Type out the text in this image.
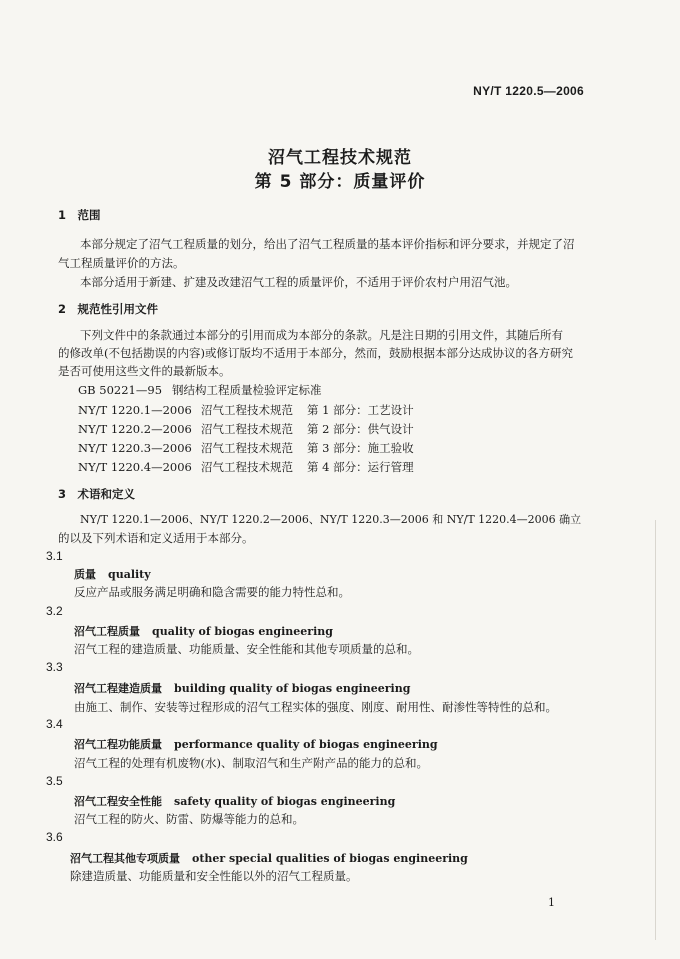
NY/T 1220.5—2006
沼气工程技术规范
第 5 部分：质量评价
1　范围
本部分规定了沼气工程质量的划分，给出了沼气工程质量的基本评价指标和评分要求，并规定了沼
气工程质量评价的方法。
本部分适用于新建、扩建及改建沼气工程的质量评价，不适用于评价农村户用沼气池。
2　规范性引用文件
下列文件中的条款通过本部分的引用而成为本部分的条款。凡是注日期的引用文件，其随后所有
的修改单(不包括勘误的内容)或修订版均不适用于本部分，然而，鼓励根据本部分达成协议的各方研究
是否可使用这些文件的最新版本。
GB 50221—95 钢结构工程质量检验评定标准
NY/T 1220.1—2006 沼气工程技术规范 第 1 部分：工艺设计
NY/T 1220.2—2006 沼气工程技术规范 第 2 部分：供气设计
NY/T 1220.3—2006 沼气工程技术规范 第 3 部分：施工验收
NY/T 1220.4—2006 沼气工程技术规范 第 4 部分：运行管理
3　术语和定义
NY/T 1220.1—2006、NY/T 1220.2—2006、NY/T 1220.3—2006 和 NY/T 1220.4—2006 确立
的以及下列术语和定义适用于本部分。
3.1
质量 quality
反应产品或服务满足明确和隐含需要的能力特性总和。
3.2
沼气工程质量 quality of biogas engineering
沼气工程的建造质量、功能质量、安全性能和其他专项质量的总和。
3.3
沼气工程建造质量 building quality of biogas engineering
由施工、制作、安装等过程形成的沼气工程实体的强度、刚度、耐用性、耐渗性等特性的总和。
3.4
沼气工程功能质量 performance quality of biogas engineering
沼气工程的处理有机废物(水)、制取沼气和生产附产品的能力的总和。
3.5
沼气工程安全性能 safety quality of biogas engineering
沼气工程的防火、防雷、防爆等能力的总和。
3.6
沼气工程其他专项质量 other special qualities of biogas engineering
除建造质量、功能质量和安全性能以外的沼气工程质量。
1
